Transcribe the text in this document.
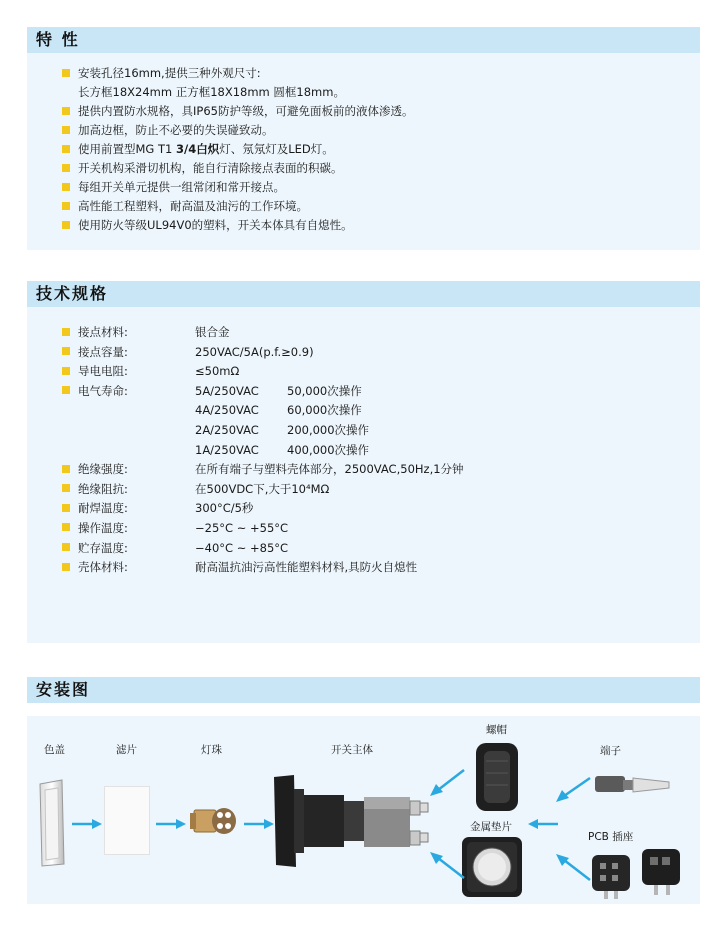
特 性
安装孔径16mm,提供三种外观尺寸:
长方框18X24mm 正方框18X18mm 圆框18mm。
提供内置防水规格，具IP65防护等级，可避免面板前的液体渗透。
加高边框，防止不必要的失误碰致动。
使用前置型MG T1 3/4白炽灯、氖氖灯及LED灯。
开关机构采滑切机构，能自行清除接点表面的积碳。
每组开关单元提供一组常闭和常开接点。
高性能工程塑料，耐高温及油污的工作环境。
使用防火等级UL94V0的塑料，开关本体具有自熄性。
技术规格
接点材料:	银合金
接点容量:	250VAC/5A(p.f.≥0.9)
导电电阻:	≤50mΩ
电气寿命:	5A/250VAC 50,000次操作
4A/250VAC 60,000次操作
2A/250VAC 200,000次操作
1A/250VAC 400,000次操作
绝缘强度:	在所有端子与塑料壳体部分，2500VAC,50Hz,1分钟
绝缘阻抗:	在500VDC下,大于10⁴MΩ
耐焊温度:	300°C/5秒
操作温度:	−25°C ~ +55°C
贮存温度:	−40°C ~ +85°C
壳体材料:	耐高温抗油污高性能塑料材料,具防火自熄性
安装图
色盖	滤片	灯珠	开关主体
螺帽
端子
金属垫片
PCB 插座
